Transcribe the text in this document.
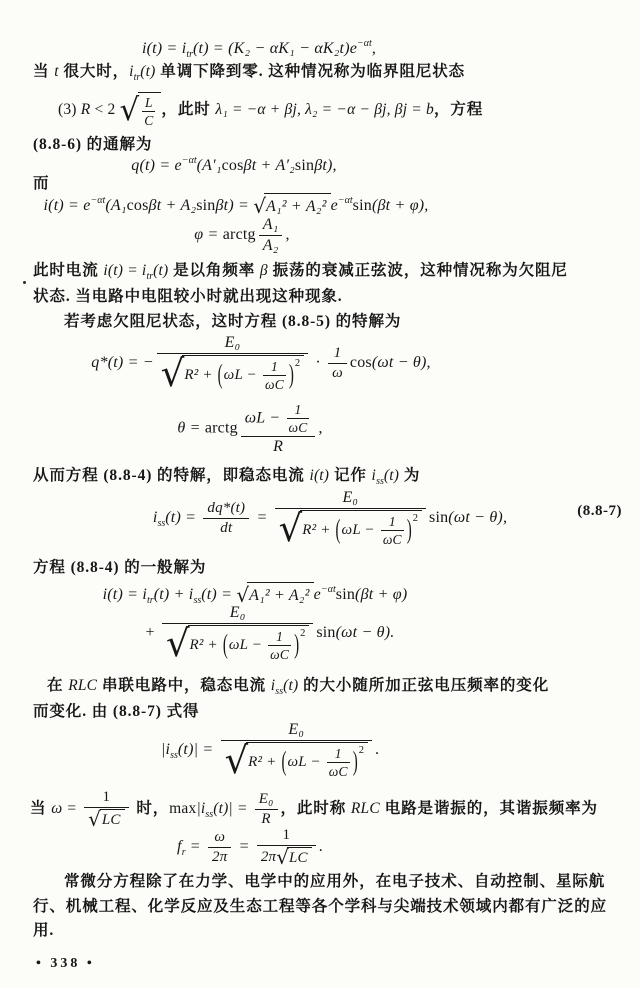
$i(t) = i_{tr}(t) = (K_2 - \alpha K_1 - \alpha K_2t)e^{-\alpha t}$,
当 t 很大时，$i_{tr}(t)$ 单调下降到零. 这种情况称为临界阻尼状态
(3) R < 2 √ $\frac{L}{C}$ ，此时 λ₁ = −α + βj, λ₂ = −α − βj, βj = b，方程
(8.8-6) 的通解为
$q(t) = e^{-\alpha t}(A'_1\cos\beta t + A'_2\sin\beta t)$,
而
$i(t) = e^{-\alpha t}(A_1\cos\beta t + A_2\sin\beta t)$ = √ A₁² + A₂² $e^{-\alpha t}\sin(\beta t + \varphi)$,
φ = arctg $\frac{\text{A₁}}{\text{A₂}}$ ,
此时电流 $i(t) = i_{tr}(t)$ 是以角频率 β 振荡的衰减正弦波，这种情况称为欠阻尼
状态. 当电路中电阻较小时就出现这种现象.
若考虑欠阻尼状态，这时方程 (8.8-5) 的特解为
q*(t) = − $\frac{\text{E₀}}{√ R^2 + (\omega L - \frac{1}{\omega C} )^2} \cdot \frac{1}{\omega} \cos(\omega t - \theta)$,
θ = arctg $\frac{\omega L - \frac{1}{\omega C}}{R}$ ,
从而方程 (8.8-4) 的特解，即稳态电流 i(t) 记作 $i_{ss}(t)$ 为
$i_{ss}(t) = \frac{dq*(t)}{dt} = \frac{\text{E₀}}{√ R^2 + (\omega L - \frac{1}{\omega C} )^2} \sin(\omega t - \theta)$,	(8.8-7)
方程 (8.8-4) 的一般解为
$i(t) = i_{tr}(t) + i_{ss}(t)$ = √ A₁² + A₂² $e^{-\alpha t}\sin(\beta t + \varphi)$
+ $\frac{\text{E₀}}{√ R^2 + (\omega L - \frac{1}{\omega C} )^2} \sin(\omega t - \theta)$.
在 RLC 串联电路中，稳态电流 $i_{ss}(t)$ 的大小随所加正弦电压频率的变化
而变化. 由 (8.8-7) 式得
$|i_{ss}(t)| = \frac{\text{E₀}}{√ R^2 + (\omega L - \frac{1}{\omega C} )^2}$ .
当 $\omega = \frac{1}{√ LC}$ 时，$\max|i_{ss}(t)| = \frac{\text{E₀}}{R}$ ，此时称 RLC 电路是谐振的，其谐振频率为
$f_r = \frac{\omega}{2\pi} = \frac{1}{2\pi √ LC}$ .
常微分方程除了在力学、电学中的应用外，在电子技术、自动控制、星际航
行、机械工程、化学反应及生态工程等各个学科与尖端技术领域内都有广泛的应
用.
• 338 •
